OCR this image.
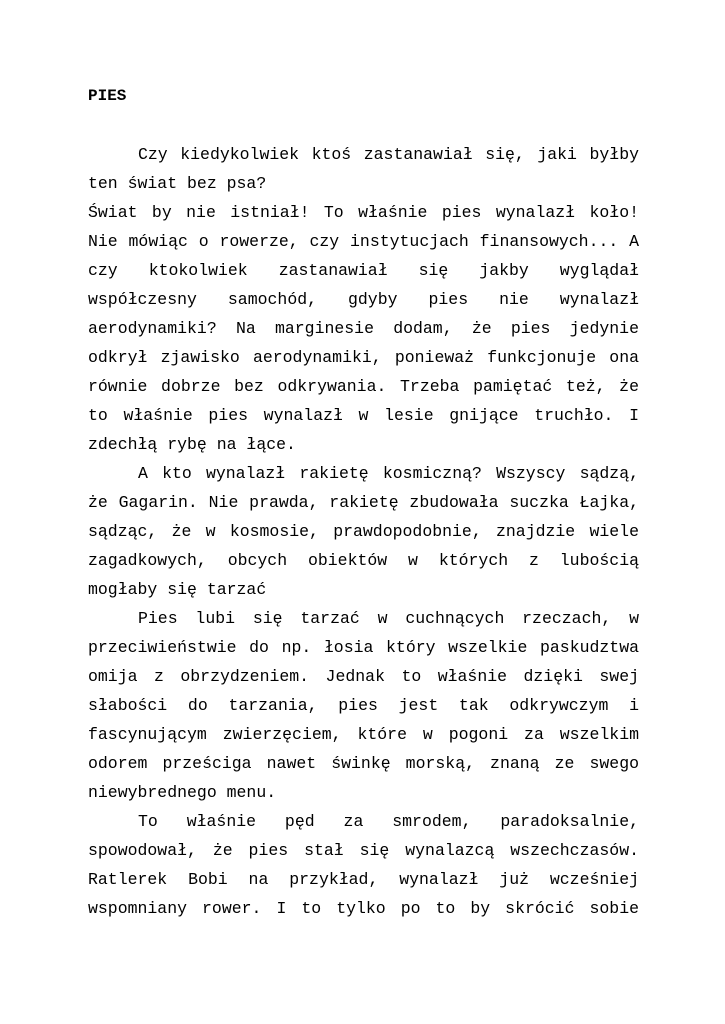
PIES

Czy kiedykolwiek ktoś zastanawiał się, jaki byłby ten świat bez psa?

Świat by nie istniał! To właśnie pies wynalazł koło! Nie mówiąc o rowerze, czy instytucjach finansowych... A czy ktokolwiek zastanawiał się jakby wyglądał współczesny samochód, gdyby pies nie wynalazł aerodynamiki? Na marginesie dodam, że pies jedynie odkrył zjawisko aerodynamiki, ponieważ funkcjonuje ona równie dobrze bez odkrywania. Trzeba pamiętać też, że to właśnie pies wynalazł w lesie gnijące truchło. I zdechłą rybę na łące.

A kto wynalazł rakietę kosmiczną? Wszyscy sądzą, że Gagarin. Nie prawda, rakietę zbudowała suczka Łajka, sądząc, że w kosmosie, prawdopodobnie, znajdzie wiele zagadkowych, obcych obiektów w których z lubością mogłaby się tarzać

Pies lubi się tarzać w cuchnących rzeczach, w przeciwieństwie do np. łosia który wszelkie paskudztwa omija z obrzydzeniem. Jednak to właśnie dzięki swej słabości do tarzania, pies jest tak odkrywczym i fascynującym zwierzęciem, które w pogoni za wszelkim odorem prześciga nawet świnkę morską, znaną ze swego niewybrednego menu.

To właśnie pęd za smrodem, paradoksalnie, spowodował, że pies stał się wynalazcą wszechczasów. Ratlerek Bobi na przykład, wynalazł już wcześniej wspomniany rower. I to tylko po to by skrócić sobie
